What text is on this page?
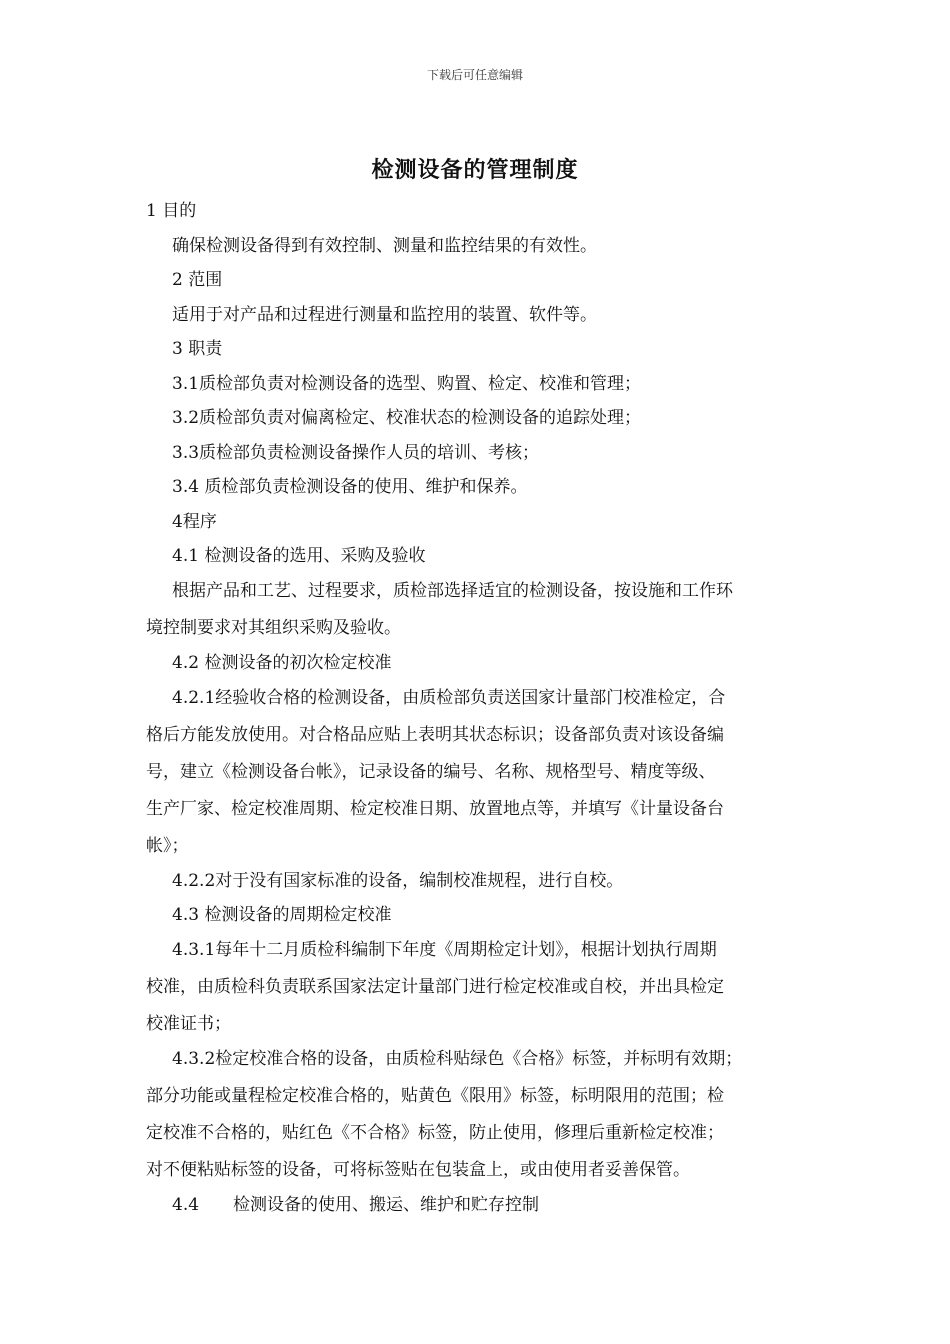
下载后可任意编辑
检测设备的管理制度
1 目的
确保检测设备得到有效控制、测量和监控结果的有效性。
2 范围
适用于对产品和过程进行测量和监控用的装置、软件等。
3 职责
3.1质检部负责对检测设备的选型、购置、检定、校准和管理；
3.2质检部负责对偏离检定、校准状态的检测设备的追踪处理；
3.3质检部负责检测设备操作人员的培训、考核；
3.4 质检部负责检测设备的使用、维护和保养。
4程序
4.1 检测设备的选用、采购及验收
根据产品和工艺、过程要求，质检部选择适宜的检测设备，按设施和工作环
境控制要求对其组织采购及验收。
4.2 检测设备的初次检定校准
4.2.1经验收合格的检测设备，由质检部负责送国家计量部门校准检定，合
格后方能发放使用。对合格品应贴上表明其状态标识；设备部负责对该设备编
号，建立《检测设备台帐》，记录设备的编号、名称、规格型号、精度等级、
生产厂家、检定校准周期、检定校准日期、放置地点等，并填写《计量设备台
帐》；
4.2.2对于没有国家标准的设备，编制校准规程，进行自校。
4.3 检测设备的周期检定校准
4.3.1每年十二月质检科编制下年度《周期检定计划》，根据计划执行周期
校准，由质检科负责联系国家法定计量部门进行检定校准或自校，并出具检定
校准证书；
4.3.2检定校准合格的设备，由质检科贴绿色《合格》标签，并标明有效期；
部分功能或量程检定校准合格的，贴黄色《限用》标签，标明限用的范围；检
定校准不合格的，贴红色《不合格》标签，防止使用，修理后重新检定校准；
对不便粘贴标签的设备，可将标签贴在包装盒上，或由使用者妥善保管。
4.4　　检测设备的使用、搬运、维护和贮存控制
